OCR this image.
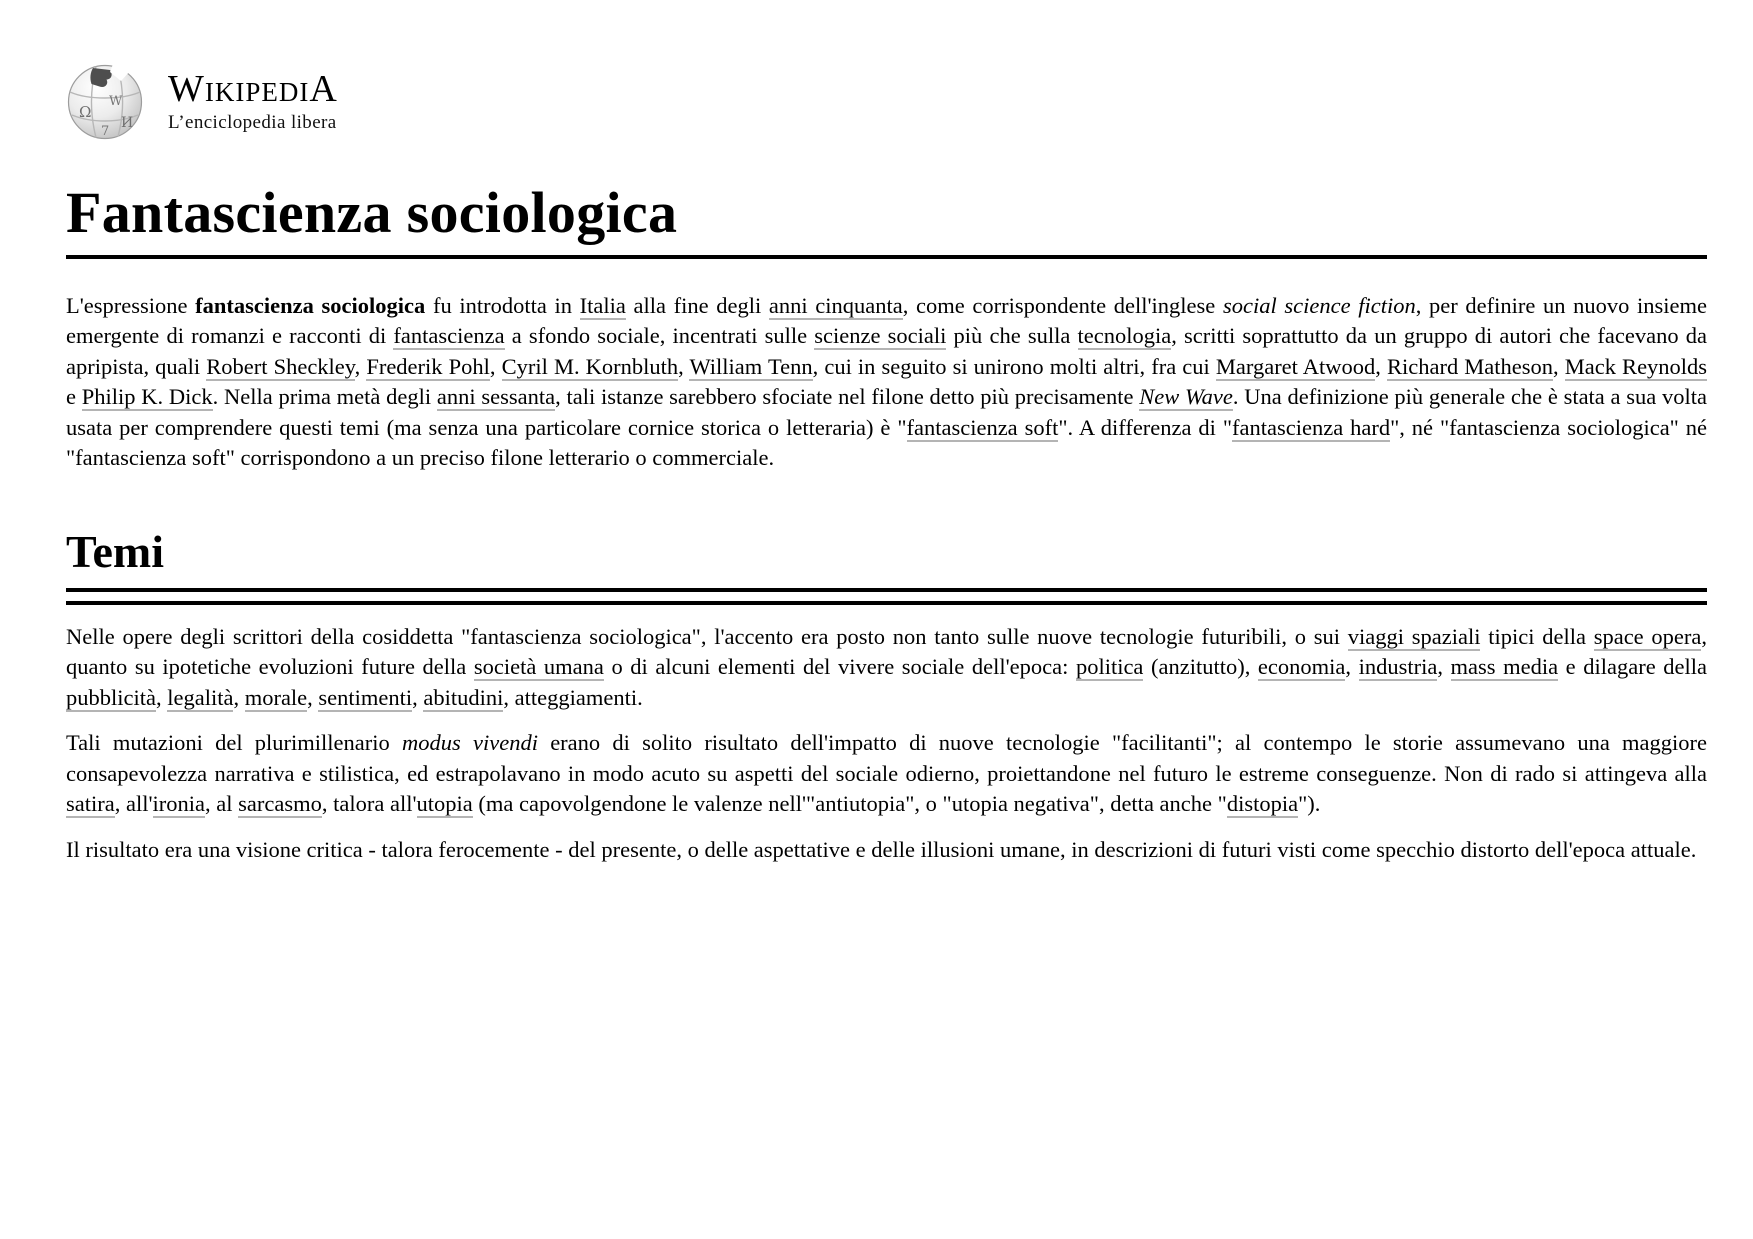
Ω
W
И
7
WikipediA
L’enciclopedia libera
Fantascienza sociologica

L'espressione fantascienza sociologica fu introdotta in Italia alla fine degli anni cinquanta, come corrispondente dell'inglese social science fiction, per definire un nuovo insieme emergente di romanzi e racconti di fantascienza a sfondo sociale, incentrati sulle scienze sociali più che sulla tecnologia, scritti soprattutto da un gruppo di autori che facevano da apripista, quali Robert Sheckley, Frederik Pohl, Cyril M. Kornbluth, William Tenn, cui in seguito si unirono molti altri, fra cui Margaret Atwood, Richard Matheson, Mack Reynolds e Philip K. Dick. Nella prima metà degli anni sessanta, tali istanze sarebbero sfociate nel filone detto più precisamente New Wave. Una definizione più generale che è stata a sua volta usata per comprendere questi temi (ma senza una particolare cornice storica o letteraria) è "fantascienza soft". A differenza di "fantascienza hard", né "fantascienza sociologica" né "fantascienza soft" corrispondono a un preciso filone letterario o commerciale.

Temi

Nelle opere degli scrittori della cosiddetta "fantascienza sociologica", l'accento era posto non tanto sulle nuove tecnologie futuribili, o sui viaggi spaziali tipici della space opera, quanto su ipotetiche evoluzioni future della società umana o di alcuni elementi del vivere sociale dell'epoca: politica (anzitutto), economia, industria, mass media e dilagare della pubblicità, legalità, morale, sentimenti, abitudini, atteggiamenti.

Tali mutazioni del plurimillenario modus vivendi erano di solito risultato dell'impatto di nuove tecnologie "facilitanti"; al contempo le storie assumevano una maggiore consapevolezza narrativa e stilistica, ed estrapolavano in modo acuto su aspetti del sociale odierno, proiettandone nel futuro le estreme conseguenze. Non di rado si attingeva alla satira, all'ironia, al sarcasmo, talora all'utopia (ma capovolgendone le valenze nell'"antiutopia", o "utopia negativa", detta anche "distopia").

Il risultato era una visione critica - talora ferocemente - del presente, o delle aspettative e delle illusioni umane, in descrizioni di futuri visti come specchio distorto dell'epoca attuale.
